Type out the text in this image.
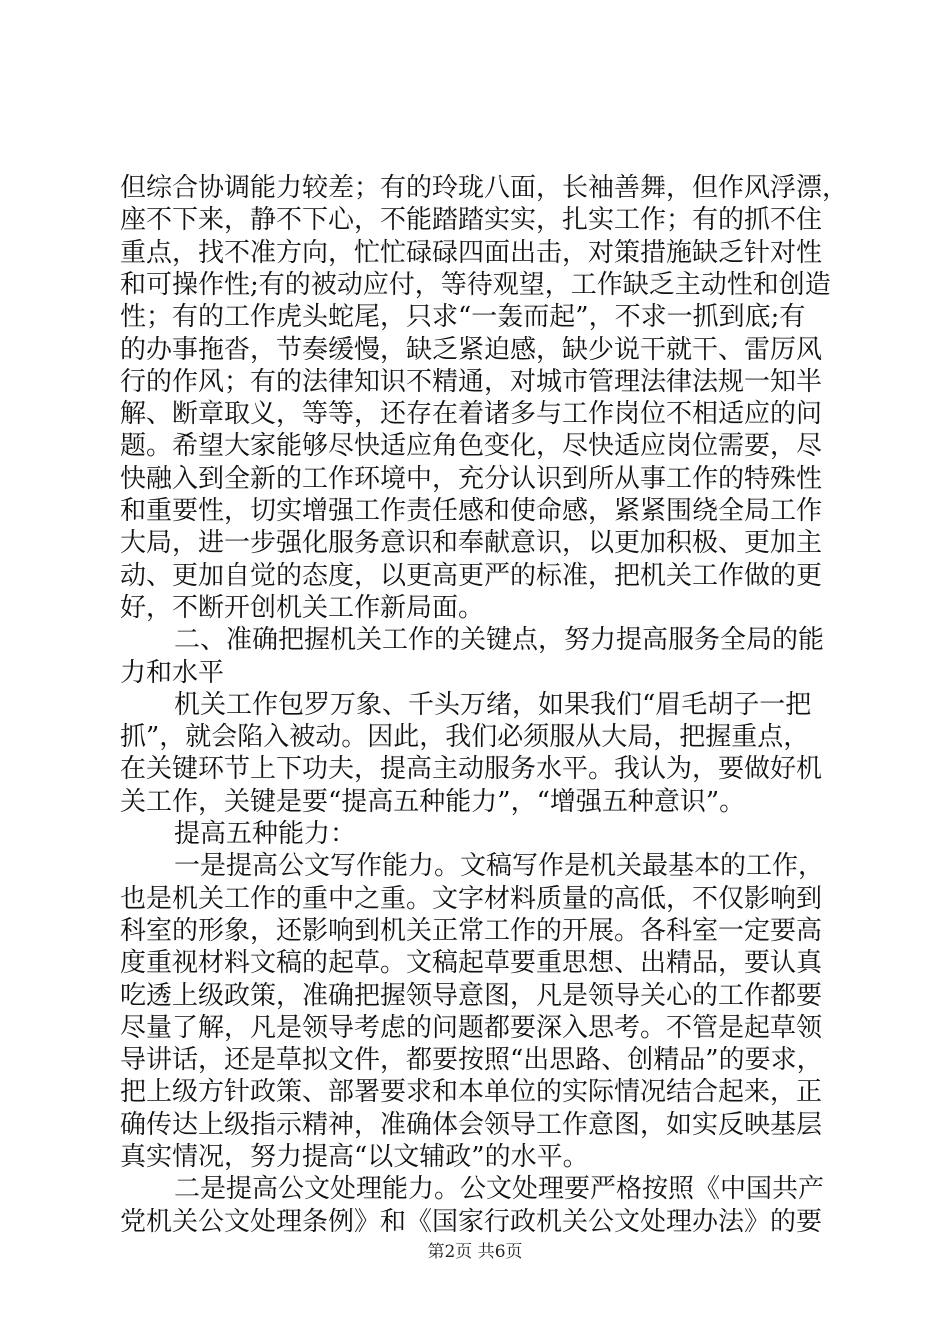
但综合协调能力较差；有的玲珑八面，长袖善舞，但作风浮漂，
座不下来，静不下心，不能踏踏实实，扎实工作；有的抓不住
重点，找不准方向，忙忙碌碌四面出击，对策措施缺乏针对性
和可操作性;有的被动应付，等待观望，工作缺乏主动性和创造
性；有的工作虎头蛇尾，只求“一轰而起”，不求一抓到底;有
的办事拖沓，节奏缓慢，缺乏紧迫感，缺少说干就干、雷厉风
行的作风；有的法律知识不精通，对城市管理法律法规一知半
解、断章取义，等等，还存在着诸多与工作岗位不相适应的问
题。希望大家能够尽快适应角色变化，尽快适应岗位需要，尽
快融入到全新的工作环境中，充分认识到所从事工作的特殊性
和重要性，切实增强工作责任感和使命感，紧紧围绕全局工作
大局，进一步强化服务意识和奉献意识，以更加积极、更加主
动、更加自觉的态度，以更高更严的标准，把机关工作做的更
好，不断开创机关工作新局面。
二、准确把握机关工作的关键点，努力提高服务全局的能
力和水平
机关工作包罗万象、千头万绪，如果我们“眉毛胡子一把
抓”，就会陷入被动。因此，我们必须服从大局，把握重点，
在关键环节上下功夫，提高主动服务水平。我认为，要做好机
关工作，关键是要“提高五种能力”，“增强五种意识”。
提高五种能力：
一是提高公文写作能力。文稿写作是机关最基本的工作，
也是机关工作的重中之重。文字材料质量的高低，不仅影响到
科室的形象，还影响到机关正常工作的开展。各科室一定要高
度重视材料文稿的起草。文稿起草要重思想、出精品，要认真
吃透上级政策，准确把握领导意图，凡是领导关心的工作都要
尽量了解，凡是领导考虑的问题都要深入思考。不管是起草领
导讲话，还是草拟文件，都要按照“出思路、创精品”的要求，
把上级方针政策、部署要求和本单位的实际情况结合起来，正
确传达上级指示精神，准确体会领导工作意图，如实反映基层
真实情况，努力提高“以文辅政”的水平。
二是提高公文处理能力。公文处理要严格按照《中国共产
党机关公文处理条例》和《国家行政机关公文处理办法》的要
第2页 共6页
